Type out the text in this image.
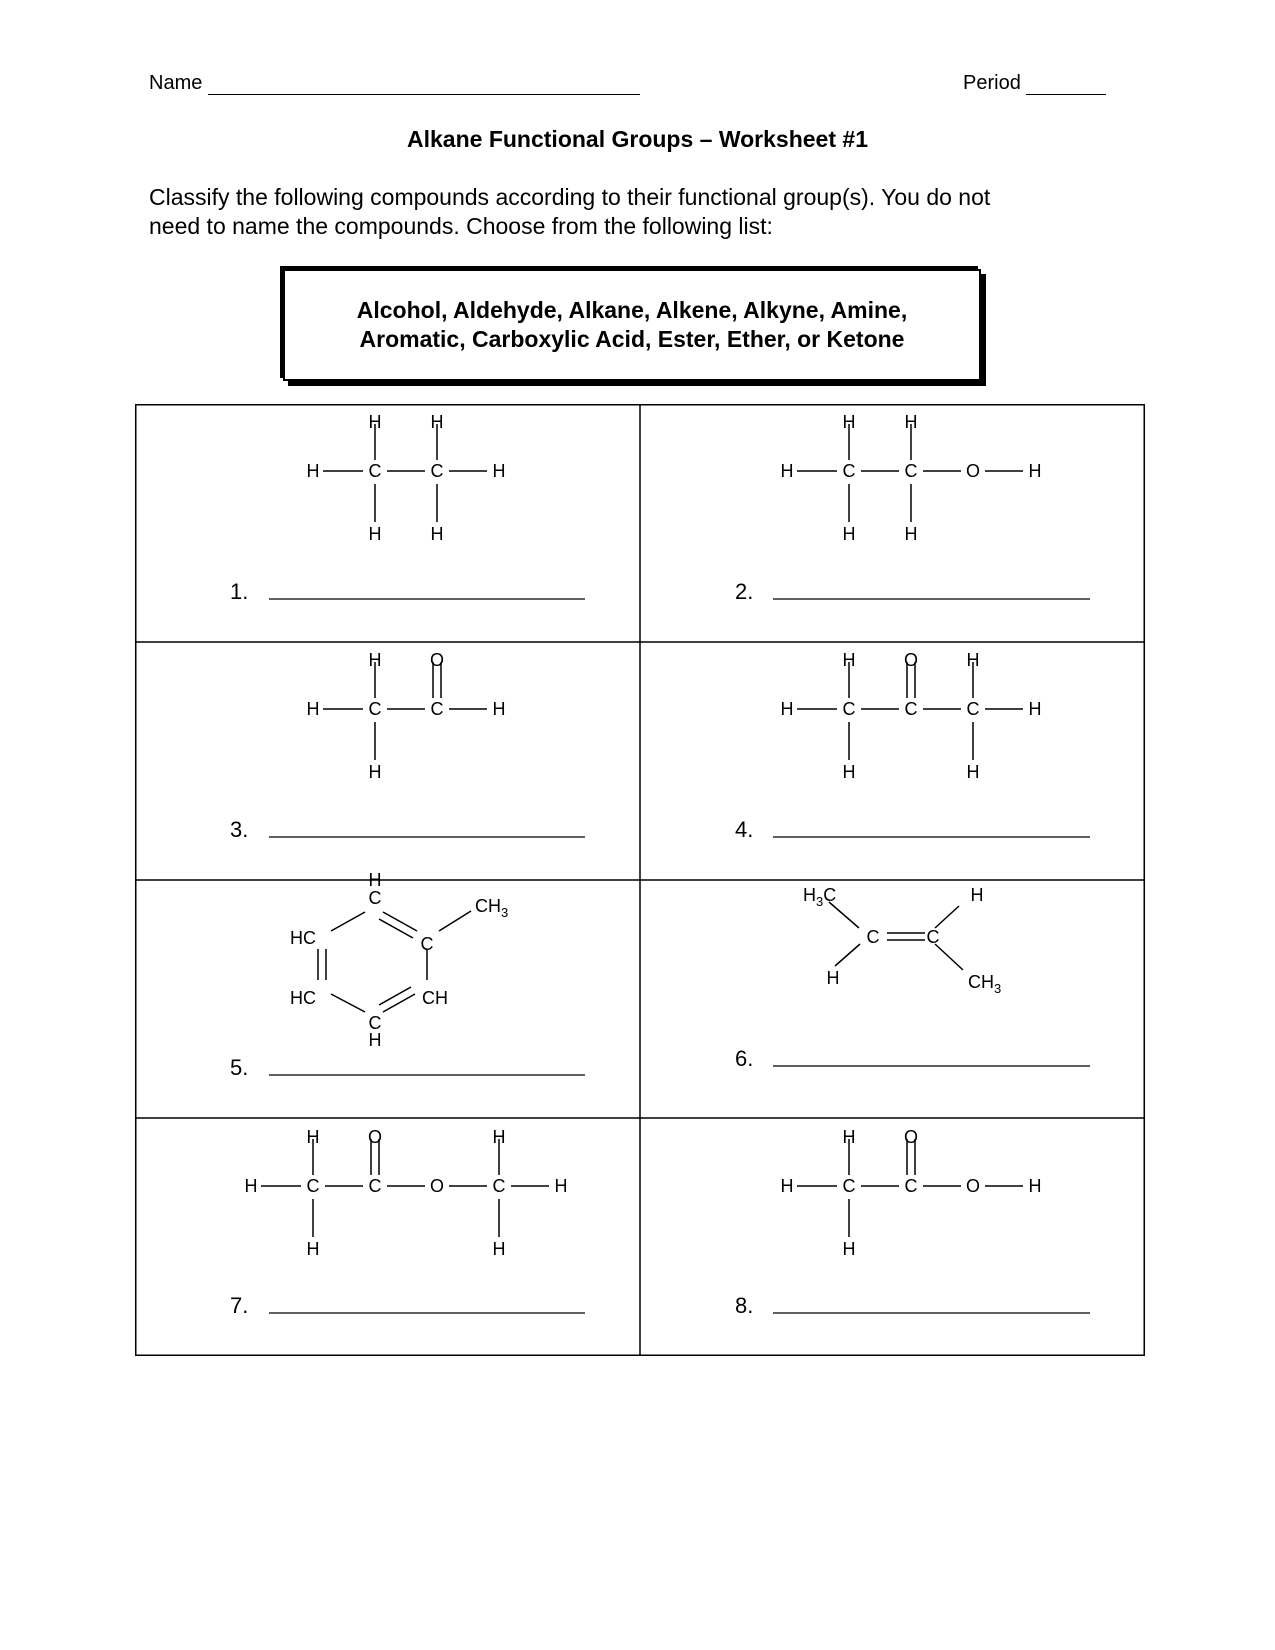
Name	Period
Alkane Functional Groups – Worksheet #1
Classify the following compounds according to their functional group(s). You do not
need to name the compounds. Choose from the following list:
Alcohol, Aldehyde, Alkane, Alkene, Alkyne, Amine,
Aromatic, Carboxylic Acid, Ester, Ether, or Ketone
H	H
H	C	C	H
H	H
1.
H	H
H	C	C	O	H
H	H
2.
H	O
H	C	C	H
H
3.
H	O	H
H	C	C	C	H
H	H
4.
H
C
C
HC
HC	CH
C
H
$CH_3$
5.
$H_3C$
C	C
H
H
$CH_3$
6.
H	O	H
H	C	C	O	C	H
H	H
7.
H	O
H	C	C	O	H
H
8.
